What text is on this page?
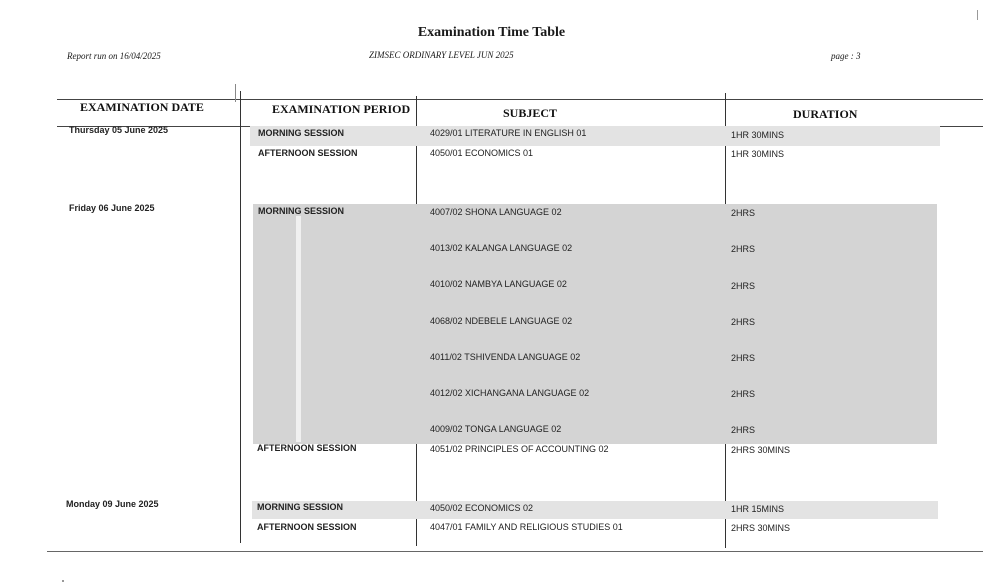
Examination Time Table
Report run on 16/04/2025	ZIMSEC ORDINARY LEVEL JUN 2025	page : 3
EXAMINATION DATE	EXAMINATION PERIOD	SUBJECT	DURATION
Thursday 05 June 2025	MORNING SESSION	4029/01 LITERATURE IN ENGLISH 01	1HR 30MINS
AFTERNOON SESSION	4050/01 ECONOMICS 01	1HR 30MINS
Friday 06 June 2025	MORNING SESSION	4007/02 SHONA LANGUAGE 02	2HRS
4013/02 KALANGA LANGUAGE 02	2HRS
4010/02 NAMBYA LANGUAGE 02	2HRS
4068/02 NDEBELE LANGUAGE 02	2HRS
4011/02 TSHIVENDA LANGUAGE 02	2HRS
4012/02 XICHANGANA LANGUAGE 02	2HRS
4009/02 TONGA LANGUAGE 02	2HRS
AFTERNOON SESSION	4051/02 PRINCIPLES OF ACCOUNTING 02	2HRS 30MINS
Monday 09 June 2025	MORNING SESSION	4050/02 ECONOMICS 02	1HR 15MINS
AFTERNOON SESSION	4047/01 FAMILY AND RELIGIOUS STUDIES 01	2HRS 30MINS
